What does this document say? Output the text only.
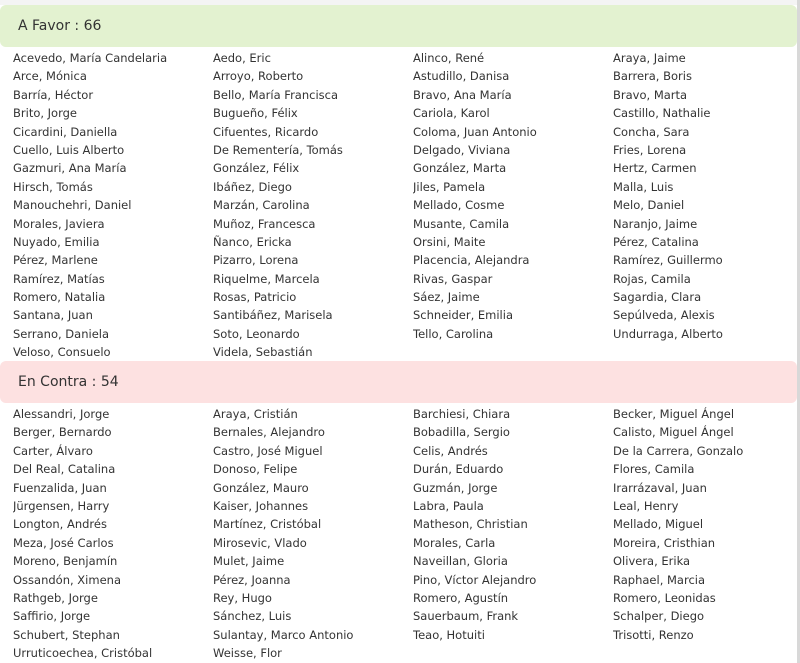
A Favor : 66
Acevedo, María Candelaria	Aedo, Eric	Alinco, René	Araya, Jaime
Arce, Mónica	Arroyo, Roberto	Astudillo, Danisa	Barrera, Boris
Barría, Héctor	Bello, María Francisca	Bravo, Ana María	Bravo, Marta
Brito, Jorge	Bugueño, Félix	Cariola, Karol	Castillo, Nathalie
Cicardini, Daniella	Cifuentes, Ricardo	Coloma, Juan Antonio	Concha, Sara
Cuello, Luis Alberto	De Rementería, Tomás	Delgado, Viviana	Fries, Lorena
Gazmuri, Ana María	González, Félix	González, Marta	Hertz, Carmen
Hirsch, Tomás	Ibáñez, Diego	Jiles, Pamela	Malla, Luis
Manouchehri, Daniel	Marzán, Carolina	Mellado, Cosme	Melo, Daniel
Morales, Javiera	Muñoz, Francesca	Musante, Camila	Naranjo, Jaime
Nuyado, Emilia	Ñanco, Ericka	Orsini, Maite	Pérez, Catalina
Pérez, Marlene	Pizarro, Lorena	Placencia, Alejandra	Ramírez, Guillermo
Ramírez, Matías	Riquelme, Marcela	Rivas, Gaspar	Rojas, Camila
Romero, Natalia	Rosas, Patricio	Sáez, Jaime	Sagardia, Clara
Santana, Juan	Santibáñez, Marisela	Schneider, Emilia	Sepúlveda, Alexis
Serrano, Daniela	Soto, Leonardo	Tello, Carolina	Undurraga, Alberto
Veloso, Consuelo	Videla, Sebastián
En Contra : 54
Alessandri, Jorge	Araya, Cristián	Barchiesi, Chiara	Becker, Miguel Ángel
Berger, Bernardo	Bernales, Alejandro	Bobadilla, Sergio	Calisto, Miguel Ángel
Carter, Álvaro	Castro, José Miguel	Celis, Andrés	De la Carrera, Gonzalo
Del Real, Catalina	Donoso, Felipe	Durán, Eduardo	Flores, Camila
Fuenzalida, Juan	González, Mauro	Guzmán, Jorge	Irarrázaval, Juan
Jürgensen, Harry	Kaiser, Johannes	Labra, Paula	Leal, Henry
Longton, Andrés	Martínez, Cristóbal	Matheson, Christian	Mellado, Miguel
Meza, José Carlos	Mirosevic, Vlado	Morales, Carla	Moreira, Cristhian
Moreno, Benjamín	Mulet, Jaime	Naveillan, Gloria	Olivera, Erika
Ossandón, Ximena	Pérez, Joanna	Pino, Víctor Alejandro	Raphael, Marcia
Rathgeb, Jorge	Rey, Hugo	Romero, Agustín	Romero, Leonidas
Saffirio, Jorge	Sánchez, Luis	Sauerbaum, Frank	Schalper, Diego
Schubert, Stephan	Sulantay, Marco Antonio	Teao, Hotuiti	Trisotti, Renzo
Urruticoechea, Cristóbal	Weisse, Flor
